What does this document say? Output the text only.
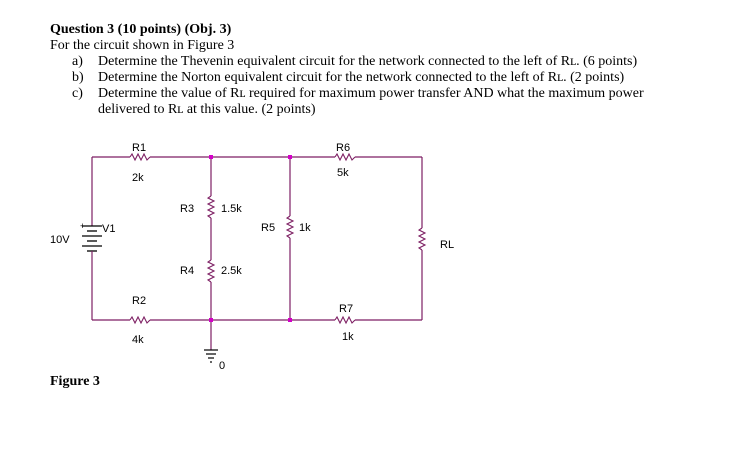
Question 3 (10 points) (Obj. 3)
For the circuit shown in Figure 3
a)	Determine the Thevenin equivalent circuit for the network connected to the left of Rʟ. (6 points)
b)	Determine the Norton equivalent circuit for the network connected to the left of Rʟ. (2 points)
c)	Determine the value of Rʟ required for maximum power transfer AND what the maximum power
delivered to Rʟ at this value. (2 points)
R1
2k
R6
5k
R2
4k
R7
1k
R3 1.5k
R4 2.5k
R5 1k
RL
+ V1
10V
0
Figure 3
